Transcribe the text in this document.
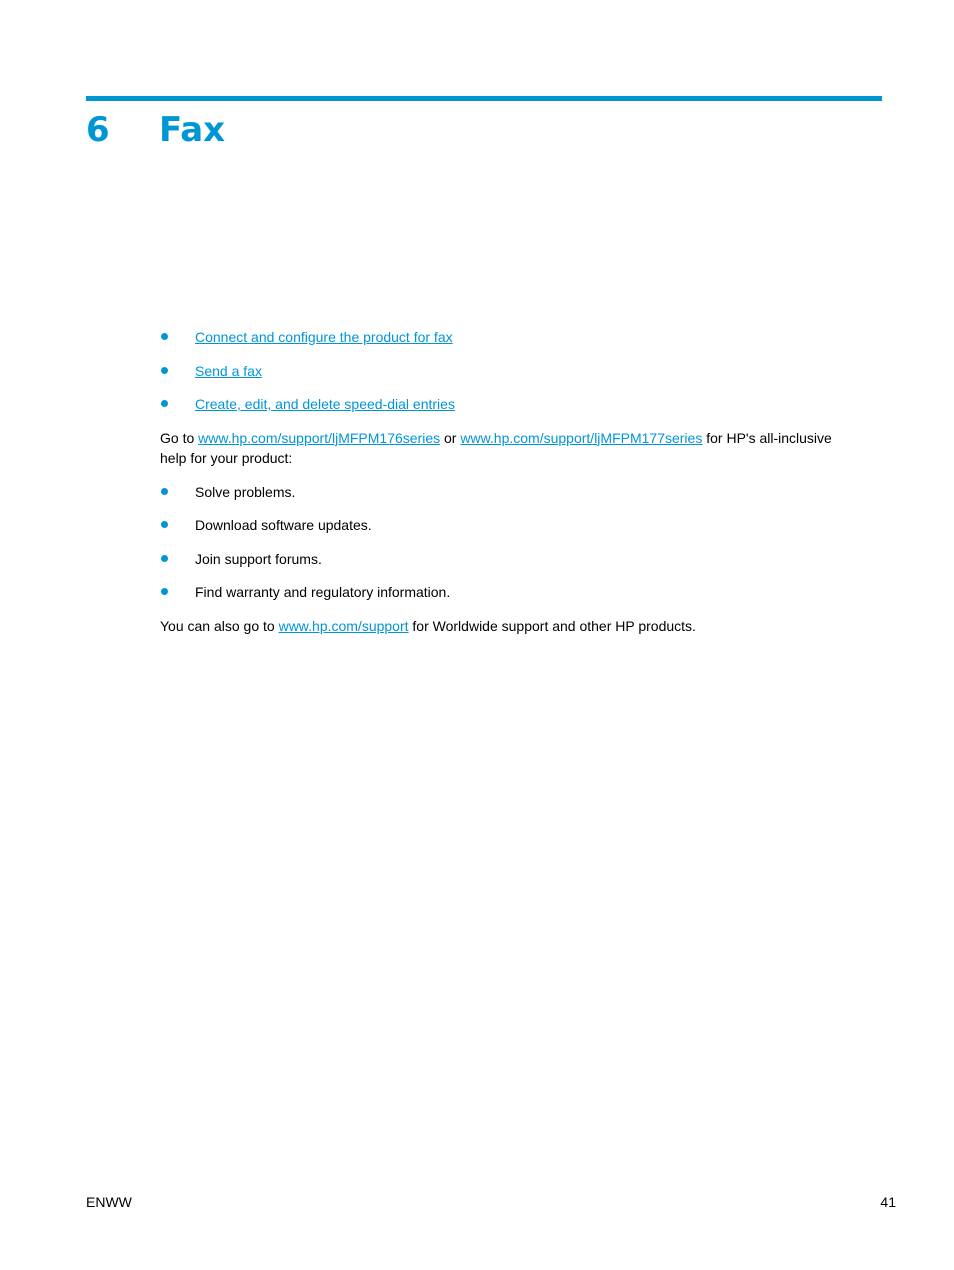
6 Fax
Connect and configure the product for fax
Send a fax
Create, edit, and delete speed-dial entries

Go to www.hp.com/support/ljMFPM176series or www.hp.com/support/ljMFPM177series for HP's all-inclusive help for your product:

Solve problems.
Download software updates.
Join support forums.
Find warranty and regulatory information.

You can also go to www.hp.com/support for Worldwide support and other HP products.

ENWW	41
